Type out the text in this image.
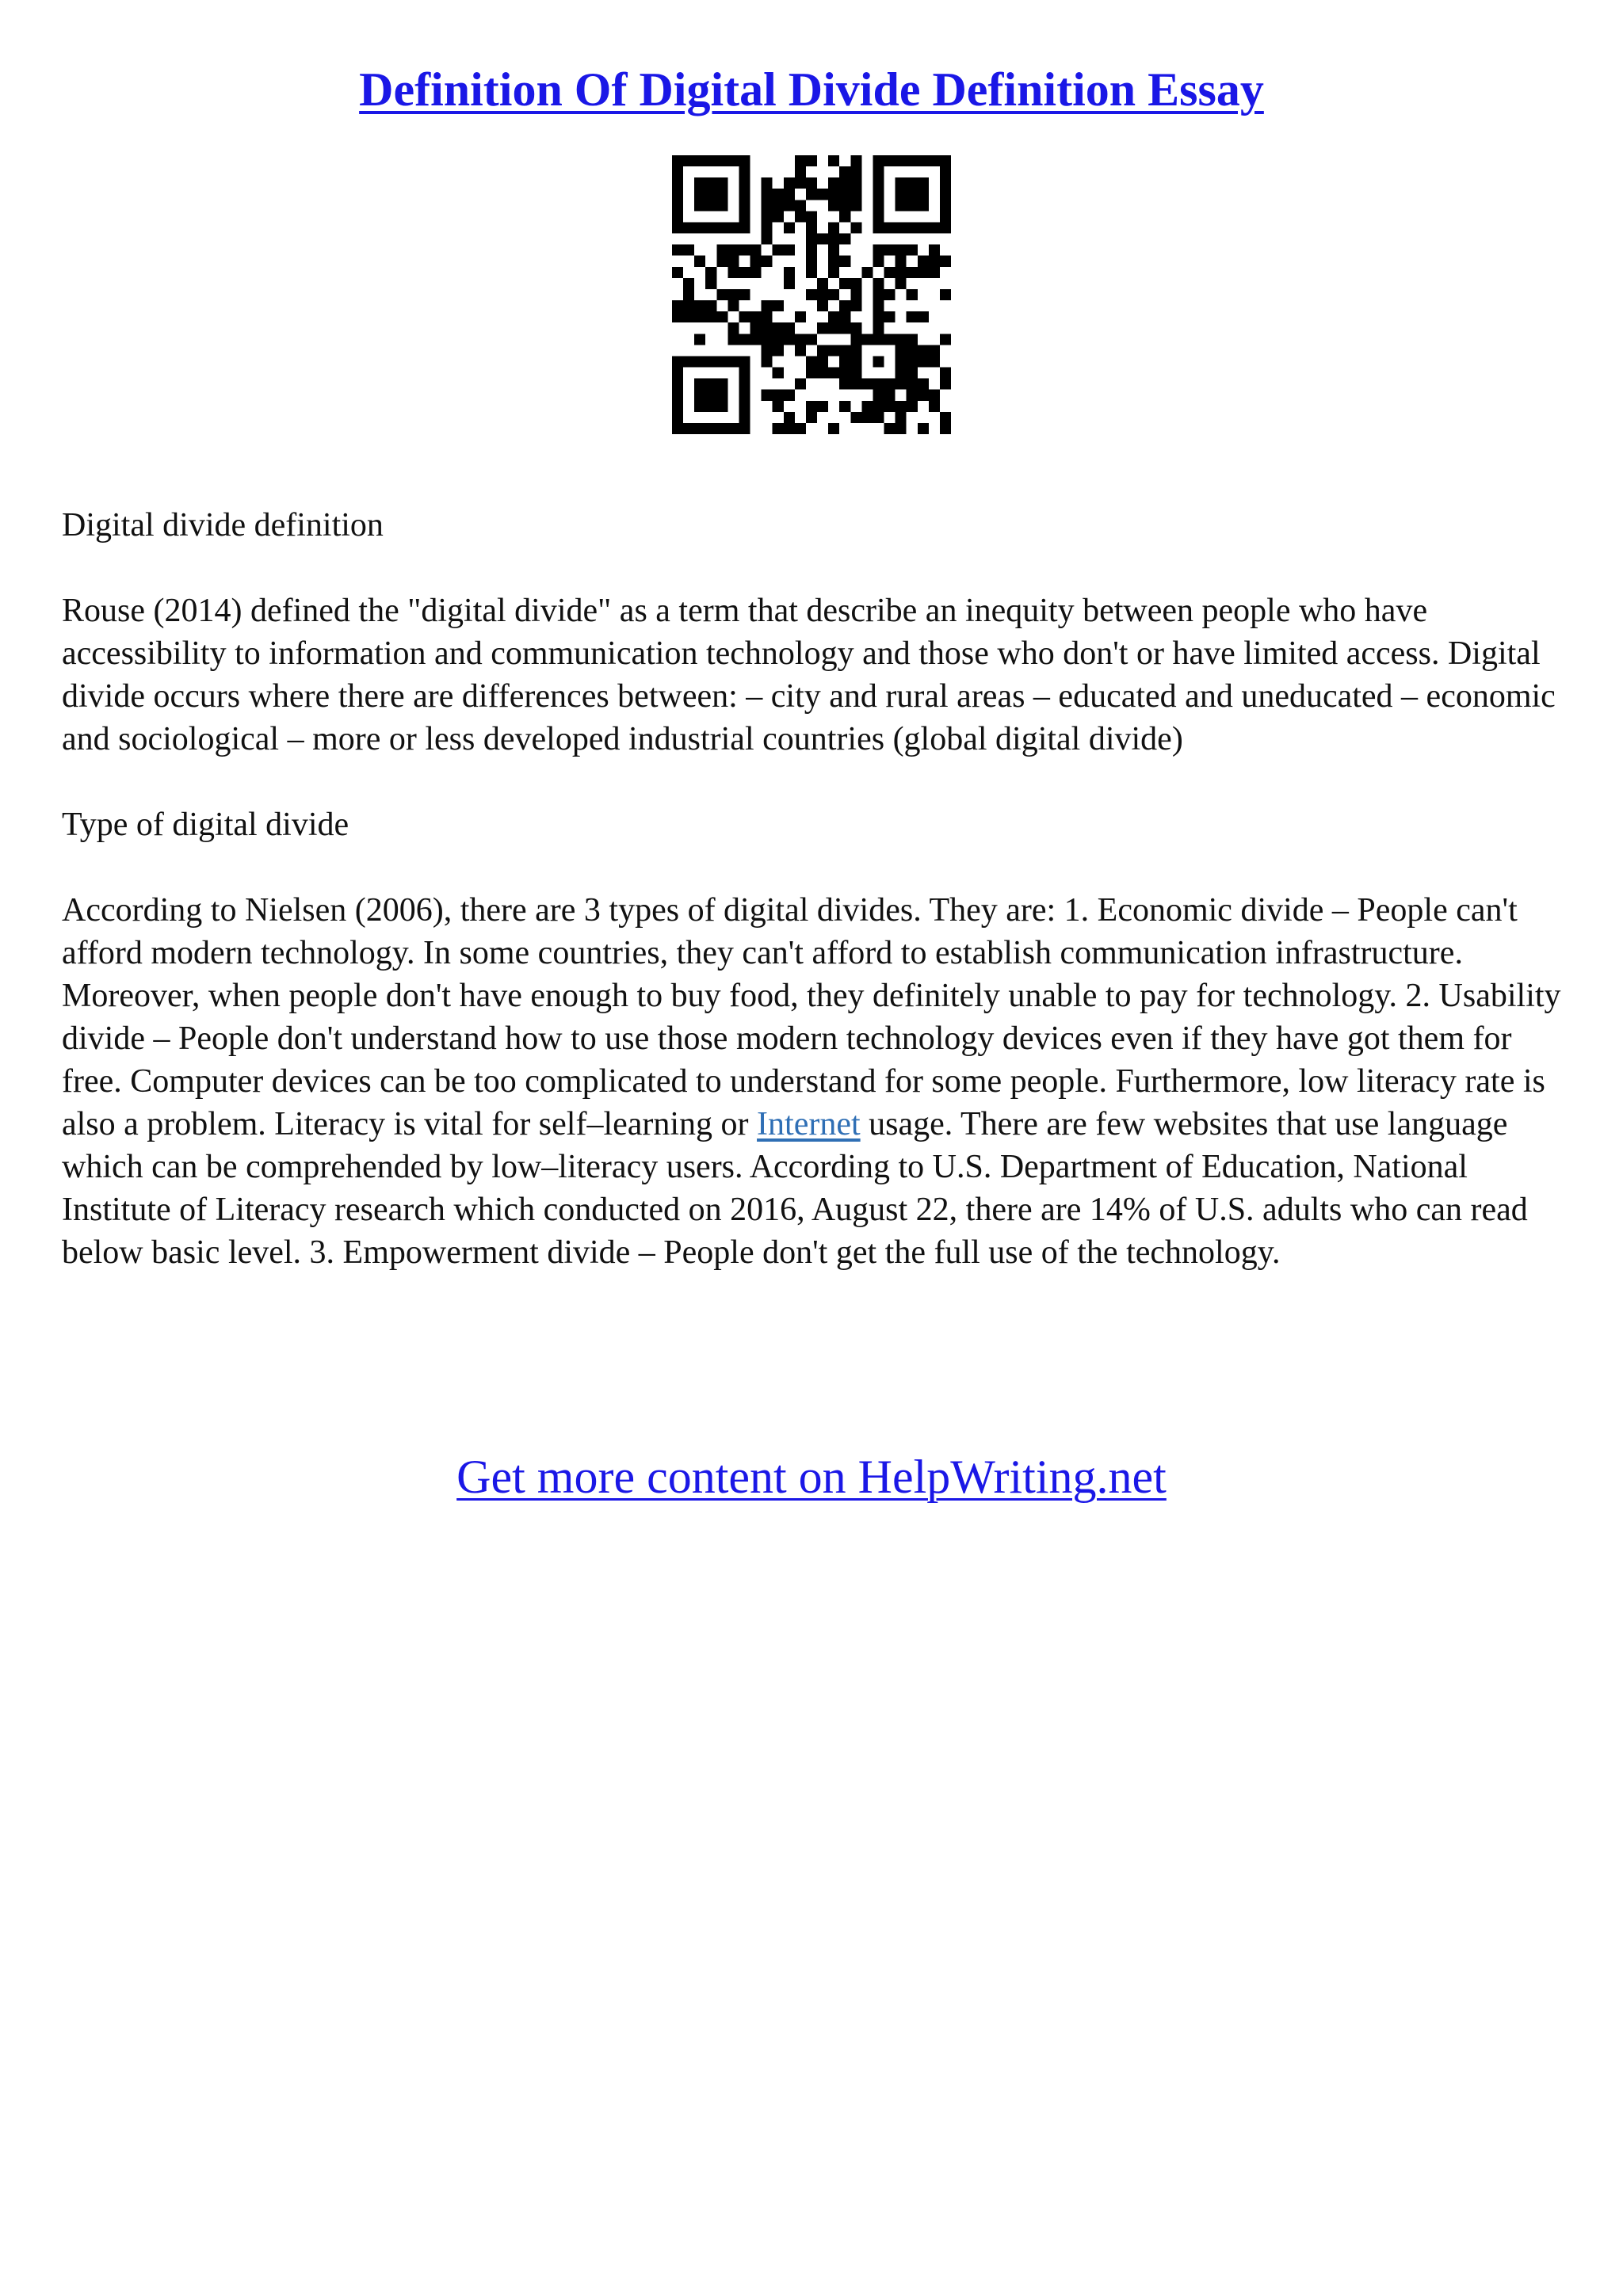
Definition Of Digital Divide Definition Essay

Digital divide definition

Rouse (2014) defined the "digital divide" as a term that describe an inequity between people who have accessibility to information and communication technology and those who don't or have limited access. Digital divide occurs where there are differences between: – city and rural areas – educated and uneducated – economic and sociological – more or less developed industrial countries (global digital divide)

Type of digital divide

According to Nielsen (2006), there are 3 types of digital divides. They are: 1. Economic divide – People can't afford modern technology. In some countries, they can't afford to establish communication infrastructure. Moreover, when people don't have enough to buy food, they definitely unable to pay for technology. 2. Usability divide – People don't understand how to use those modern technology devices even if they have got them for free. Computer devices can be too complicated to understand for some people. Furthermore, low literacy rate is also a problem. Literacy is vital for self–learning or Internet usage. There are few websites that use language which can be comprehended by low–literacy users. According to U.S. Department of Education, National Institute of Literacy research which conducted on 2016, August 22, there are 14% of U.S. adults who can read below basic level. 3. Empowerment divide – People don't get the full use of the technology.

Get more content on HelpWriting.net
